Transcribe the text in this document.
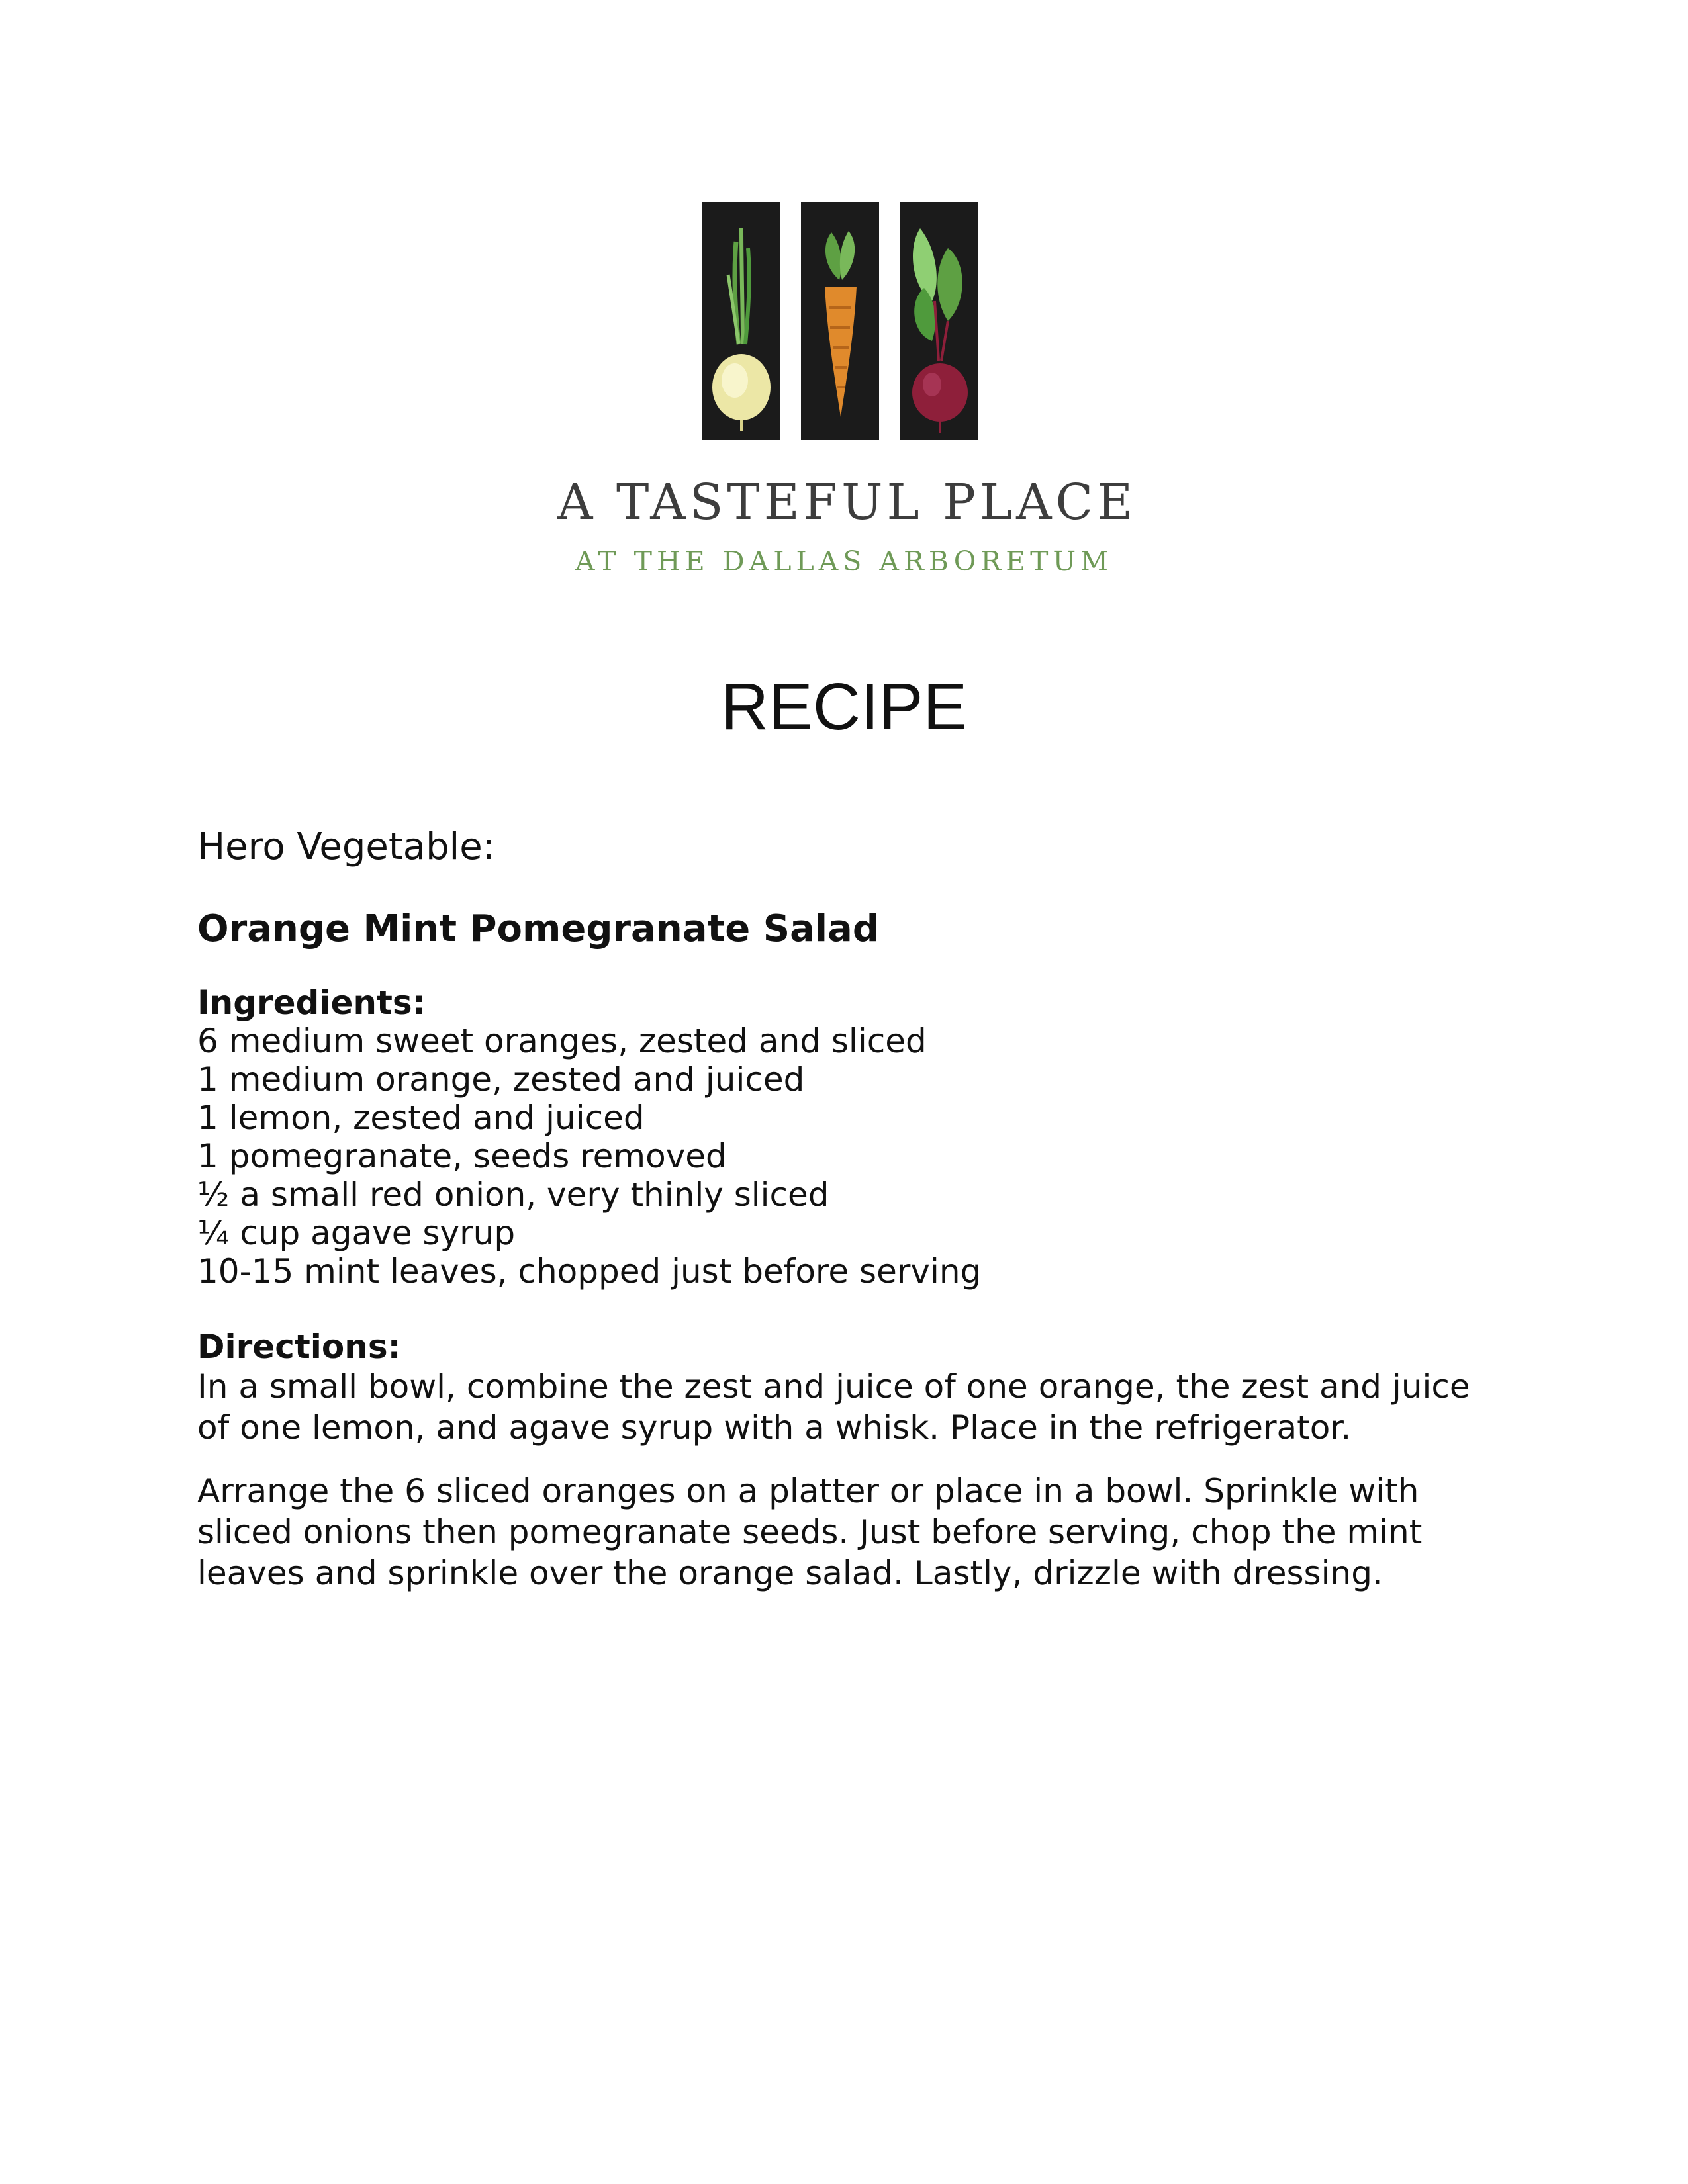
A TASTEFUL PLACE
AT THE DALLAS ARBORETUM
RECIPE

Hero Vegetable:

Orange Mint Pomegranate Salad

Ingredients:

6 medium sweet oranges, zested and sliced
1 medium orange, zested and juiced
1 lemon, zested and juiced
1 pomegranate, seeds removed
½ a small red onion, very thinly sliced
¼ cup agave syrup
10-15 mint leaves, chopped just before serving

Directions:

In a small bowl, combine the zest and juice of one orange, the zest and juice of one lemon, and agave syrup with a whisk. Place in the refrigerator.

Arrange the 6 sliced oranges on a platter or place in a bowl. Sprinkle with sliced onions then pomegranate seeds. Just before serving, chop the mint leaves and sprinkle over the orange salad. Lastly, drizzle with dressing.
